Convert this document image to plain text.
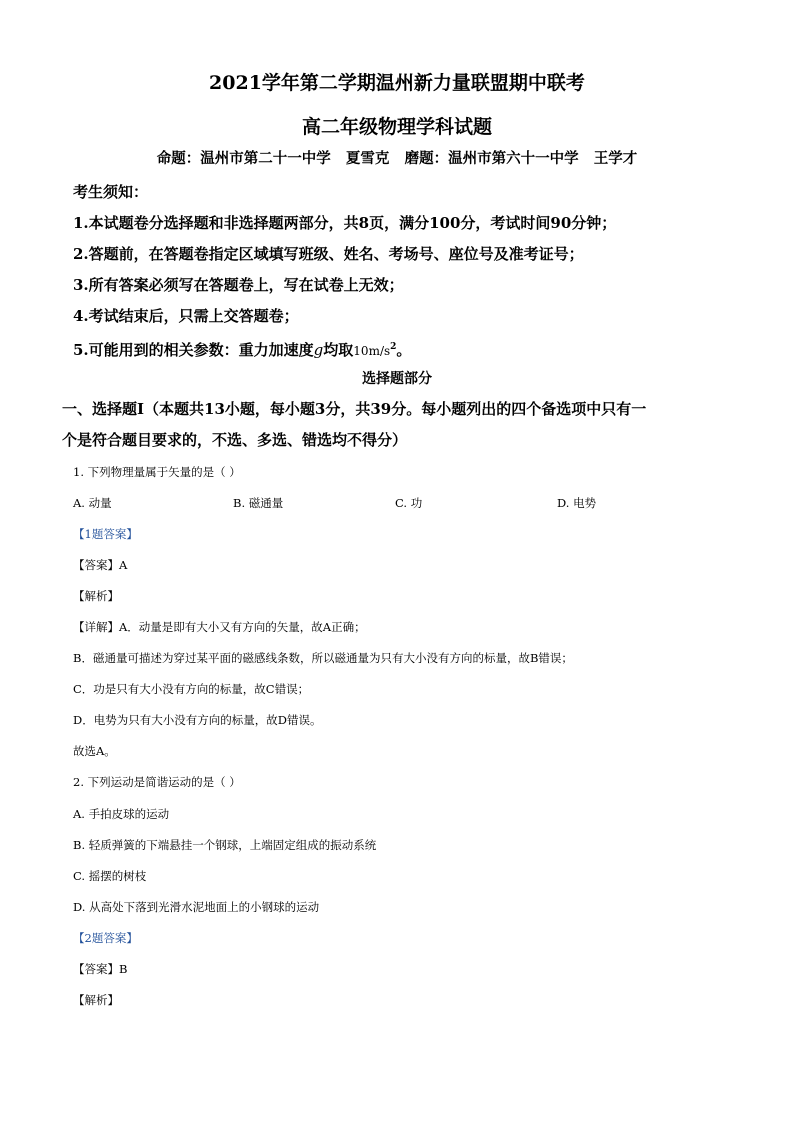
2021学年第二学期温州新力量联盟期中联考
高二年级物理学科试题
命题：温州市第二十一中学   夏雪克   磨题：温州市第六十一中学   王学才
考生须知：
1.本试题卷分选择题和非选择题两部分，共8页，满分100分，考试时间90分钟；
2.答题前，在答题卷指定区域填写班级、姓名、考场号、座位号及准考证号；
3.所有答案必须写在答题卷上，写在试卷上无效；
4.考试结束后，只需上交答题卷；
5.可能用到的相关参数：重力加速度g均取$10m/s^2$。
选择题部分
一、选择题Ⅰ（本题共13小题，每小题3分，共39分。每小题列出的四个备选项中只有一
个是符合题目要求的，不选、多选、错选均不得分）
1. 下列物理量属于矢量的是（ ）
A. 动量	B. 磁通量	C. 功	D. 电势
【1题答案】
【答案】A
【解析】
【详解】A．动量是即有大小又有方向的矢量，故A正确；
B．磁通量可描述为穿过某平面的磁感线条数，所以磁通量为只有大小没有方向的标量，故B错误；
C．功是只有大小没有方向的标量，故C错误；
D．电势为只有大小没有方向的标量，故D错误。
故选A。
2. 下列运动是简谐运动的是（ ）
A. 手拍皮球的运动
B. 轻质弹簧的下端悬挂一个钢球，上端固定组成的振动系统
C. 摇摆的树枝
D. 从高处下落到光滑水泥地面上的小钢球的运动
【2题答案】
【答案】B
【解析】
